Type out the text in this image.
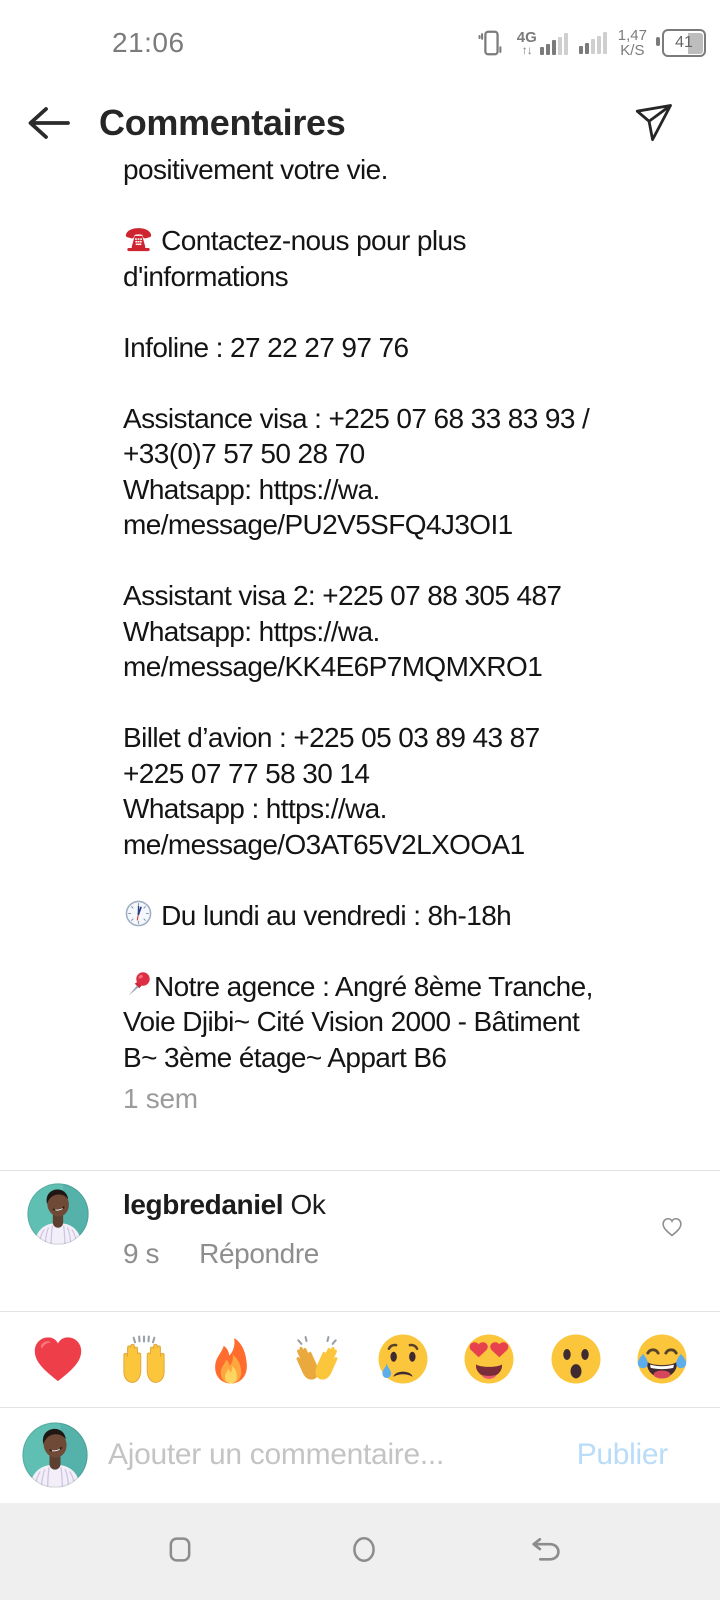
21:06	4G
↑↓
1,47
K/S	41
Commentaires
positivement votre vie.
Contactez-nous pour plus
d'informations
Infoline : 27 22 27 97 76
Assistance visa : +225 07 68 33 83 93 /
+33(0)7 57 50 28 70
Whatsapp: https://wa.
me/message/PU2V5SFQ4J3OI1
Assistant visa 2: +225 07 88 305 487
Whatsapp: https://wa.
me/message/KK4E6P7MQMXRO1
Billet d’avion : +225 05 03 89 43 87
+225 07 77 58 30 14
Whatsapp : https://wa.
me/message/O3AT65V2LXOOA1
Du lundi au vendredi : 8h-18h
Notre agence : Angré 8ème Tranche,
Voie Djibi~ Cité Vision 2000 - Bâtiment
B~ 3ème étage~ Appart B6
1 sem
legbredaniel Ok
9 s Répondre
Ajouter un commentaire...
Publier
